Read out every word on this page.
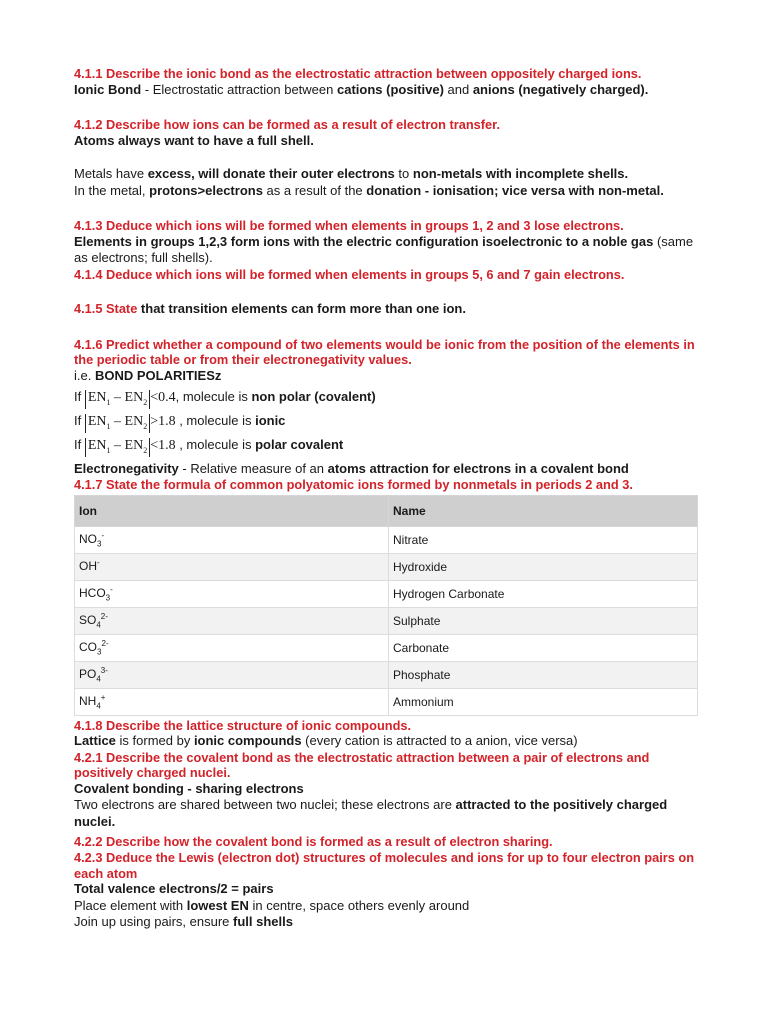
4.1.1 Describe the ionic bond as the electrostatic attraction between oppositely charged ions.

Ionic Bond - Electrostatic attraction between cations (positive) and anions (negatively charged).

4.1.2 Describe how ions can be formed as a result of electron transfer.

Atoms always want to have a full shell.

Metals have excess, will donate their outer electrons to non-metals with incomplete shells.
In the metal, protons>electrons as a result of the donation - ionisation; vice versa with non-metal.

4.1.3 Deduce which ions will be formed when elements in groups 1, 2 and 3 lose electrons.

Elements in groups 1,2,3 form ions with the electric configuration isoelectronic to a noble gas (same as electrons; full shells).

4.1.4 Deduce which ions will be formed when elements in groups 5, 6 and 7 gain electrons.

4.1.5 State that transition elements can form more than one ion.

4.1.6 Predict whether a compound of two elements would be ionic from the position of the elements in the periodic table or from their electronegativity values.

i.e. BOND POLARITIESz

If $EN_1 - EN_2 <0.4$, molecule is non polar (covalent)

If $EN_1 - EN_2 >1.8$ , molecule is ionic

If $EN_1 - EN_2 <1.8$ , molecule is polar covalent

Electronegativity - Relative measure of an atoms attraction for electrons in a covalent bond

4.1.7 State the formula of common polyatomic ions formed by nonmetals in periods 2 and 3.

Ion	Name
$NO_3^-$	Nitrate
OH-	Hydroxide
$HCO_3^-$	Hydrogen Carbonate
$SO_4^{2-}$	Sulphate
$CO_3^{2-}$	Carbonate
$PO_4^{3-}$	Phosphate
$NH_4^+$	Ammonium

4.1.8 Describe the lattice structure of ionic compounds.

Lattice is formed by ionic compounds (every cation is attracted to a anion, vice versa)

4.2.1 Describe the covalent bond as the electrostatic attraction between a pair of electrons and positively charged nuclei.

Covalent bonding - sharing electrons

Two electrons are shared between two nuclei; these electrons are attracted to the positively charged nuclei.

4.2.2 Describe how the covalent bond is formed as a result of electron sharing.

4.2.3 Deduce the Lewis (electron dot) structures of molecules and ions for up to four electron pairs on each atom

Total valence electrons/2 = pairs

Place element with lowest EN in centre, space others evenly around

Join up using pairs, ensure full shells
